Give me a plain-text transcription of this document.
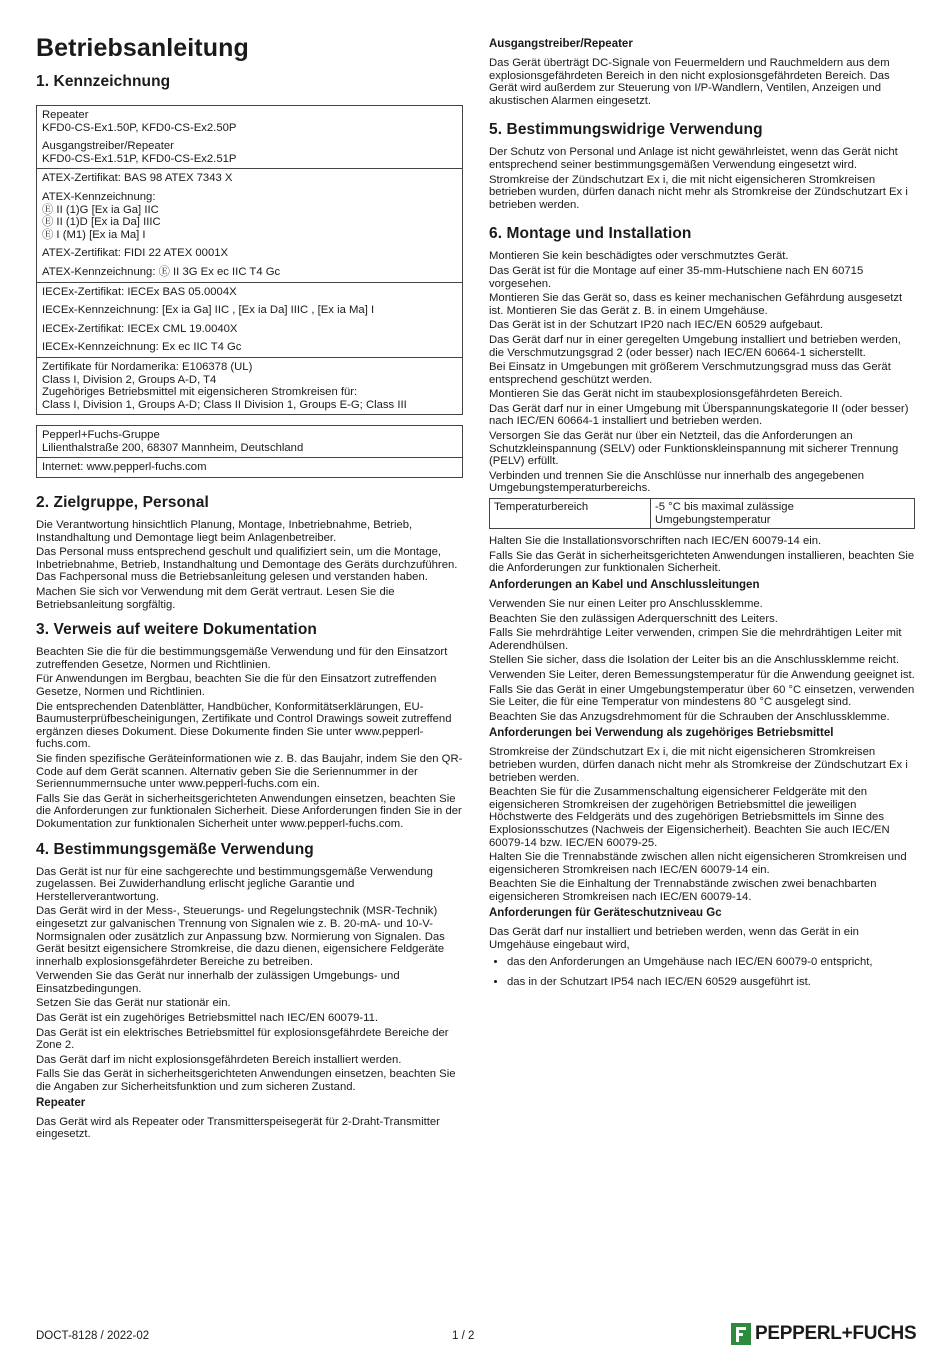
Betriebsanleitung
1. Kennzeichnung

Repeater

KFD0-CS-Ex1.50P, KFD0-CS-Ex2.50P

Ausgangstreiber/Repeater

KFD0-CS-Ex1.51P, KFD0-CS-Ex2.51P

ATEX-Zertifikat: BAS 98 ATEX 7343 X

ATEX-Kennzeichnung:

Ⓔ II (1)G [Ex ia Ga] IIC

Ⓔ II (1)D [Ex ia Da] IIIC

Ⓔ I (M1) [Ex ia Ma] I

ATEX-Zertifikat: FIDI 22 ATEX 0001X

ATEX-Kennzeichnung: Ⓔ II 3G Ex ec IIC T4 Gc

IECEx-Zertifikat: IECEx BAS 05.0004X

IECEx-Kennzeichnung: [Ex ia Ga] IIC , [Ex ia Da] IIIC , [Ex ia Ma] I

IECEx-Zertifikat: IECEx CML 19.0040X

IECEx-Kennzeichnung: Ex ec IIC T4 Gc

Zertifikate für Nordamerika: E106378 (UL)

Class I, Division 2, Groups A-D, T4

Zugehöriges Betriebsmittel mit eigensicheren Stromkreisen für:

Class I, Division 1, Groups A-D; Class II Division 1, Groups E-G; Class III

Pepperl+Fuchs-Gruppe

Lilienthalstraße 200, 68307 Mannheim, Deutschland

Internet: www.pepperl-fuchs.com

2. Zielgruppe, Personal

Die Verantwortung hinsichtlich Planung, Montage, Inbetriebnahme, Betrieb, Instandhaltung und Demontage liegt beim Anlagenbetreiber.

Das Personal muss entsprechend geschult und qualifiziert sein, um die Montage, Inbetriebnahme, Betrieb, Instandhaltung und Demontage des Geräts durchzuführen. Das Fachpersonal muss die Betriebsanleitung gelesen und verstanden haben.

Machen Sie sich vor Verwendung mit dem Gerät vertraut. Lesen Sie die Betriebsanleitung sorgfältig.

3. Verweis auf weitere Dokumentation

Beachten Sie die für die bestimmungsgemäße Verwendung und für den Einsatzort zutreffenden Gesetze, Normen und Richtlinien.

Für Anwendungen im Bergbau, beachten Sie die für den Einsatzort zutreffenden Gesetze, Normen und Richtlinien.

Die entsprechenden Datenblätter, Handbücher, Konformitätserklärungen, EU-Baumusterprüfbescheinigungen, Zertifikate und Control Drawings soweit zutreffend ergänzen dieses Dokument. Diese Dokumente finden Sie unter www.pepperl-fuchs.com.

Sie finden spezifische Geräteinformationen wie z. B. das Baujahr, indem Sie den QR-Code auf dem Gerät scannen. Alternativ geben Sie die Seriennummer in der Seriennummernsuche unter www.pepperl-fuchs.com ein.

Falls Sie das Gerät in sicherheitsgerichteten Anwendungen einsetzen, beachten Sie die Anforderungen zur funktionalen Sicherheit. Diese Anforderungen finden Sie in der Dokumentation zur funktionalen Sicherheit unter www.pepperl-fuchs.com.

4. Bestimmungsgemäße Verwendung

Das Gerät ist nur für eine sachgerechte und bestimmungsgemäße Verwendung zugelassen. Bei Zuwiderhandlung erlischt jegliche Garantie und Herstellerverantwortung.

Das Gerät wird in der Mess-, Steuerungs- und Regelungstechnik (MSR-Technik) eingesetzt zur galvanischen Trennung von Signalen wie z. B. 20-mA- und 10-V-Normsignalen oder zusätzlich zur Anpassung bzw. Normierung von Signalen. Das Gerät besitzt eigensichere Stromkreise, die dazu dienen, eigensichere Feldgeräte innerhalb explosionsgefährdeter Bereiche zu betreiben.

Verwenden Sie das Gerät nur innerhalb der zulässigen Umgebungs- und Einsatzbedingungen.

Setzen Sie das Gerät nur stationär ein.

Das Gerät ist ein zugehöriges Betriebsmittel nach IEC/EN 60079-11.

Das Gerät ist ein elektrisches Betriebsmittel für explosionsgefährdete Bereiche der Zone 2.

Das Gerät darf im nicht explosionsgefährdeten Bereich installiert werden.

Falls Sie das Gerät in sicherheitsgerichteten Anwendungen einsetzen, beachten Sie die Angaben zur Sicherheitsfunktion und zum sicheren Zustand.

Repeater

Das Gerät wird als Repeater oder Transmitterspeisegerät für 2-Draht-Transmitter eingesetzt.

Ausgangstreiber/Repeater

Das Gerät überträgt DC-Signale von Feuermeldern und Rauchmeldern aus dem explosionsgefährdeten Bereich in den nicht explosionsgefährdeten Bereich. Das Gerät wird außerdem zur Steuerung von I/P-Wandlern, Ventilen, Anzeigen und akustischen Alarmen eingesetzt.

5. Bestimmungswidrige Verwendung

Der Schutz von Personal und Anlage ist nicht gewährleistet, wenn das Gerät nicht entsprechend seiner bestimmungsgemäßen Verwendung eingesetzt wird.

Stromkreise der Zündschutzart Ex i, die mit nicht eigensicheren Stromkreisen betrieben wurden, dürfen danach nicht mehr als Stromkreise der Zündschutzart Ex i betrieben werden.

6. Montage und Installation

Montieren Sie kein beschädigtes oder verschmutztes Gerät.

Das Gerät ist für die Montage auf einer 35-mm-Hutschiene nach EN 60715 vorgesehen.

Montieren Sie das Gerät so, dass es keiner mechanischen Gefährdung ausgesetzt ist. Montieren Sie das Gerät z. B. in einem Umgehäuse.

Das Gerät ist in der Schutzart IP20 nach IEC/EN 60529 aufgebaut.

Das Gerät darf nur in einer geregelten Umgebung installiert und betrieben werden, die Verschmutzungsgrad 2 (oder besser) nach IEC/EN 60664-1 sicherstellt.

Bei Einsatz in Umgebungen mit größerem Verschmutzungsgrad muss das Gerät entsprechend geschützt werden.

Montieren Sie das Gerät nicht im staubexplosionsgefährdeten Bereich.

Das Gerät darf nur in einer Umgebung mit Überspannungskategorie II (oder besser) nach IEC/EN 60664-1 installiert und betrieben werden.

Versorgen Sie das Gerät nur über ein Netzteil, das die Anforderungen an Schutzkleinspannung (SELV) oder Funktionskleinspannung mit sicherer Trennung (PELV) erfüllt.

Verbinden und trennen Sie die Anschlüsse nur innerhalb des angegebenen Umgebungstemperaturbereichs.

Temperaturbereich	-5 °C bis maximal zulässige Umgebungstemperatur

Halten Sie die Installationsvorschriften nach IEC/EN 60079-14 ein.

Falls Sie das Gerät in sicherheitsgerichteten Anwendungen installieren, beachten Sie die Anforderungen zur funktionalen Sicherheit.

Anforderungen an Kabel und Anschlussleitungen

Verwenden Sie nur einen Leiter pro Anschlussklemme.

Beachten Sie den zulässigen Aderquerschnitt des Leiters.

Falls Sie mehrdrähtige Leiter verwenden, crimpen Sie die mehrdrähtigen Leiter mit Aderendhülsen.

Stellen Sie sicher, dass die Isolation der Leiter bis an die Anschlussklemme reicht.

Verwenden Sie Leiter, deren Bemessungstemperatur für die Anwendung geeignet ist.

Falls Sie das Gerät in einer Umgebungstemperatur über 60 °C einsetzen, verwenden Sie Leiter, die für eine Temperatur von mindestens 80 °C ausgelegt sind.

Beachten Sie das Anzugsdrehmoment für die Schrauben der Anschlussklemme.

Anforderungen bei Verwendung als zugehöriges Betriebsmittel

Stromkreise der Zündschutzart Ex i, die mit nicht eigensicheren Stromkreisen betrieben wurden, dürfen danach nicht mehr als Stromkreise der Zündschutzart Ex i betrieben werden.

Beachten Sie für die Zusammenschaltung eigensicherer Feldgeräte mit den eigensicheren Stromkreisen der zugehörigen Betriebsmittel die jeweiligen Höchstwerte des Feldgeräts und des zugehörigen Betriebsmittels im Sinne des Explosionsschutzes (Nachweis der Eigensicherheit). Beachten Sie auch IEC/EN 60079-14 bzw. IEC/EN 60079-25.

Halten Sie die Trennabstände zwischen allen nicht eigensicheren Stromkreisen und eigensicheren Stromkreisen nach IEC/EN 60079-14 ein.

Beachten Sie die Einhaltung der Trennabstände zwischen zwei benachbarten eigensicheren Stromkreisen nach IEC/EN 60079-14.

Anforderungen für Geräteschutzniveau Gc

Das Gerät darf nur installiert und betrieben werden, wenn das Gerät in ein Umgehäuse eingebaut wird,

• das den Anforderungen an Umgehäuse nach IEC/EN 60079-0 entspricht,
• das in der Schutzart IP54 nach IEC/EN 60529 ausgeführt ist.
DOCT-8128 / 2022-02	1 / 2	PEPPERL+FUCHS
